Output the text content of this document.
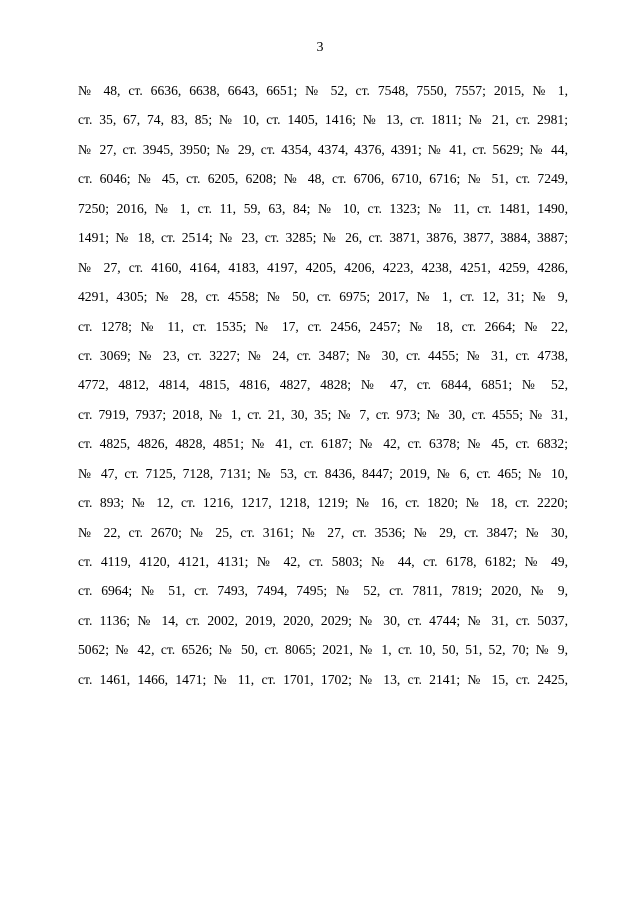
3
№ 48, ст. 6636, 6638, 6643, 6651; № 52, ст. 7548, 7550, 7557; 2015, № 1,
ст. 35, 67, 74, 83, 85; № 10, ст. 1405, 1416; № 13, ст. 1811; № 21, ст. 2981;
№ 27, ст. 3945, 3950; № 29, ст. 4354, 4374, 4376, 4391; № 41, ст. 5629; № 44,
ст. 6046; № 45, ст. 6205, 6208; № 48, ст. 6706, 6710, 6716; № 51, ст. 7249,
7250; 2016, № 1, ст. 11, 59, 63, 84; № 10, ст. 1323; № 11, ст. 1481, 1490,
1491; № 18, ст. 2514; № 23, ст. 3285; № 26, ст. 3871, 3876, 3877, 3884, 3887;
№ 27, ст. 4160, 4164, 4183, 4197, 4205, 4206, 4223, 4238, 4251, 4259, 4286,
4291, 4305; № 28, ст. 4558; № 50, ст. 6975; 2017, № 1, ст. 12, 31; № 9,
ст. 1278; № 11, ст. 1535; № 17, ст. 2456, 2457; № 18, ст. 2664; № 22,
ст. 3069; № 23, ст. 3227; № 24, ст. 3487; № 30, ст. 4455; № 31, ст. 4738,
4772, 4812, 4814, 4815, 4816, 4827, 4828; № 47, ст. 6844, 6851; № 52,
ст. 7919, 7937; 2018, № 1, ст. 21, 30, 35; № 7, ст. 973; № 30, ст. 4555; № 31,
ст. 4825, 4826, 4828, 4851; № 41, ст. 6187; № 42, ст. 6378; № 45, ст. 6832;
№ 47, ст. 7125, 7128, 7131; № 53, ст. 8436, 8447; 2019, № 6, ст. 465; № 10,
ст. 893; № 12, ст. 1216, 1217, 1218, 1219; № 16, ст. 1820; № 18, ст. 2220;
№ 22, ст. 2670; № 25, ст. 3161; № 27, ст. 3536; № 29, ст. 3847; № 30,
ст. 4119, 4120, 4121, 4131; № 42, ст. 5803; № 44, ст. 6178, 6182; № 49,
ст. 6964; № 51, ст. 7493, 7494, 7495; № 52, ст. 7811, 7819; 2020, № 9,
ст. 1136; № 14, ст. 2002, 2019, 2020, 2029; № 30, ст. 4744; № 31, ст. 5037,
5062; № 42, ст. 6526; № 50, ст. 8065; 2021, № 1, ст. 10, 50, 51, 52, 70; № 9,
ст. 1461, 1466, 1471; № 11, ст. 1701, 1702; № 13, ст. 2141; № 15, ст. 2425,
